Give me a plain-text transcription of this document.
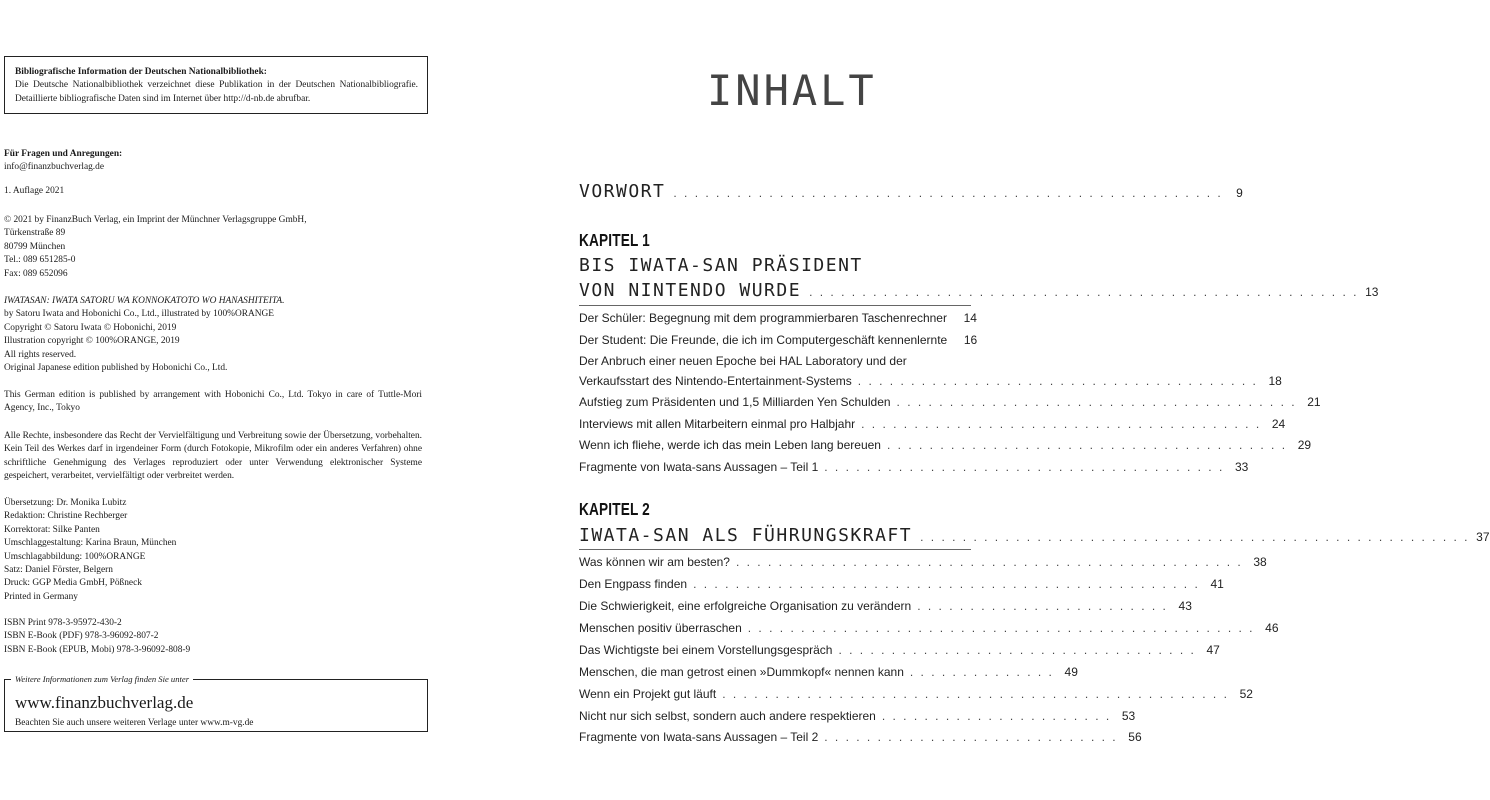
Bibliografische Information der Deutschen Nationalbibliothek:
Die Deutsche Nationalbibliothek verzeichnet diese Publikation in der Deutschen Nationalbibliografie. Detaillierte bibliografische Daten sind im Internet über http://d-nb.de abrufbar.
Für Fragen und Anregungen:
info@finanzbuchverlag.de
1. Auflage 2021
© 2021 by FinanzBuch Verlag, ein Imprint der Münchner Verlagsgruppe GmbH,
Türkenstraße 89
80799 München
Tel.: 089 651285-0
Fax: 089 652096
IWATASAN: IWATA SATORU WA KONNOKATOTO WO HANASHITEITA.
by Satoru Iwata and Hobonichi Co., Ltd., illustrated by 100%ORANGE
Copyright © Satoru Iwata © Hobonichi, 2019
Illustration copyright © 100%ORANGE, 2019
All rights reserved.
Original Japanese edition published by Hobonichi Co., Ltd.
This German edition is published by arrangement with Hobonichi Co., Ltd. Tokyo in care of Tuttle-Mori Agency, Inc., Tokyo
Alle Rechte, insbesondere das Recht der Vervielfältigung und Verbreitung sowie der Übersetzung, vorbehalten. Kein Teil des Werkes darf in irgendeiner Form (durch Fotokopie, Mikrofilm oder ein anderes Verfahren) ohne schriftliche Genehmigung des Verlages reproduziert oder unter Verwendung elektronischer Systeme gespeichert, verarbeitet, vervielfältigt oder verbreitet werden.
Übersetzung: Dr. Monika Lubitz
Redaktion: Christine Rechberger
Korrektorat: Silke Panten
Umschlaggestaltung: Karina Braun, München
Umschlagabbildung: 100%ORANGE
Satz: Daniel Förster, Belgern
Druck: GGP Media GmbH, Pößneck
Printed in Germany
ISBN Print 978-3-95972-430-2
ISBN E-Book (PDF) 978-3-96092-807-2
ISBN E-Book (EPUB, Mobi) 978-3-96092-808-9
Weitere Informationen zum Verlag finden Sie unter
www.finanzbuchverlag.de
Beachten Sie auch unsere weiteren Verlage unter www.m-vg.de
INHALT
VORWORT . . . . . . . . . . . . . . . . . . . . . . . . . . . . . . . . . . . . . . . . . . . . . . . . . . . .	9
KAPITEL 1
BIS IWATA-SAN PRÄSIDENT
VON NINTENDO WURDE . . . . . . . . . . . . . . . . . . . . . . . . . . . . . . . . . . . . . . . . . . . . . . . . . . . . 13
Der Schüler: Begegnung mit dem programmierbaren Taschenrechner	14
Der Student: Die Freunde, die ich im Computergeschäft kennenlernte	16
Der Anbruch einer neuen Epoche bei HAL Laboratory und der
Verkaufsstart des Nintendo-Entertainment-Systems . . . . . . . . . . . . . . . . . . . . . . . . . . . . . . . . . . . . . . 18
Aufstieg zum Präsidenten und 1,5 Milliarden Yen Schulden . . . . . . . . . . . . . . . . . . . . . . . . . . . . . . . . . . . . . . 21
Interviews mit allen Mitarbeitern einmal pro Halbjahr . . . . . . . . . . . . . . . . . . . . . . . . . . . . . . . . . . . . . . 24
Wenn ich fliehe, werde ich das mein Leben lang bereuen . . . . . . . . . . . . . . . . . . . . . . . . . . . . . . . . . . . . . . 29
Fragmente von Iwata-sans Aussagen – Teil 1 . . . . . . . . . . . . . . . . . . . . . . . . . . . . . . . . . . . . . . 33
KAPITEL 2
IWATA-SAN ALS FÜHRUNGSKRAFT . . . . . . . . . . . . . . . . . . . . . . . . . . . . . . . . . . . . . . . . . . . . . . . . . . . . 37
Was können wir am besten? . . . . . . . . . . . . . . . . . . . . . . . . . . . . . . . . . . . . . . . . . . . . . . . . 38
Den Engpass finden . . . . . . . . . . . . . . . . . . . . . . . . . . . . . . . . . . . . . . . . . . . . . . . . 41
Die Schwierigkeit, eine erfolgreiche Organisation zu verändern . . . . . . . . . . . . . . . . . . . . . . . . 43
Menschen positiv überraschen . . . . . . . . . . . . . . . . . . . . . . . . . . . . . . . . . . . . . . . . . . . . . . . . 46
Das Wichtigste bei einem Vorstellungsgespräch . . . . . . . . . . . . . . . . . . . . . . . . . . . . . . . . . . 47
Menschen, die man getrost einen »Dummkopf« nennen kann . . . . . . . . . . . . . . 49
Wenn ein Projekt gut läuft . . . . . . . . . . . . . . . . . . . . . . . . . . . . . . . . . . . . . . . . . . . . . . . . 52
Nicht nur sich selbst, sondern auch andere respektieren . . . . . . . . . . . . . . . . . . . . . . 53
Fragmente von Iwata-sans Aussagen – Teil 2 . . . . . . . . . . . . . . . . . . . . . . . . . . . . 56
